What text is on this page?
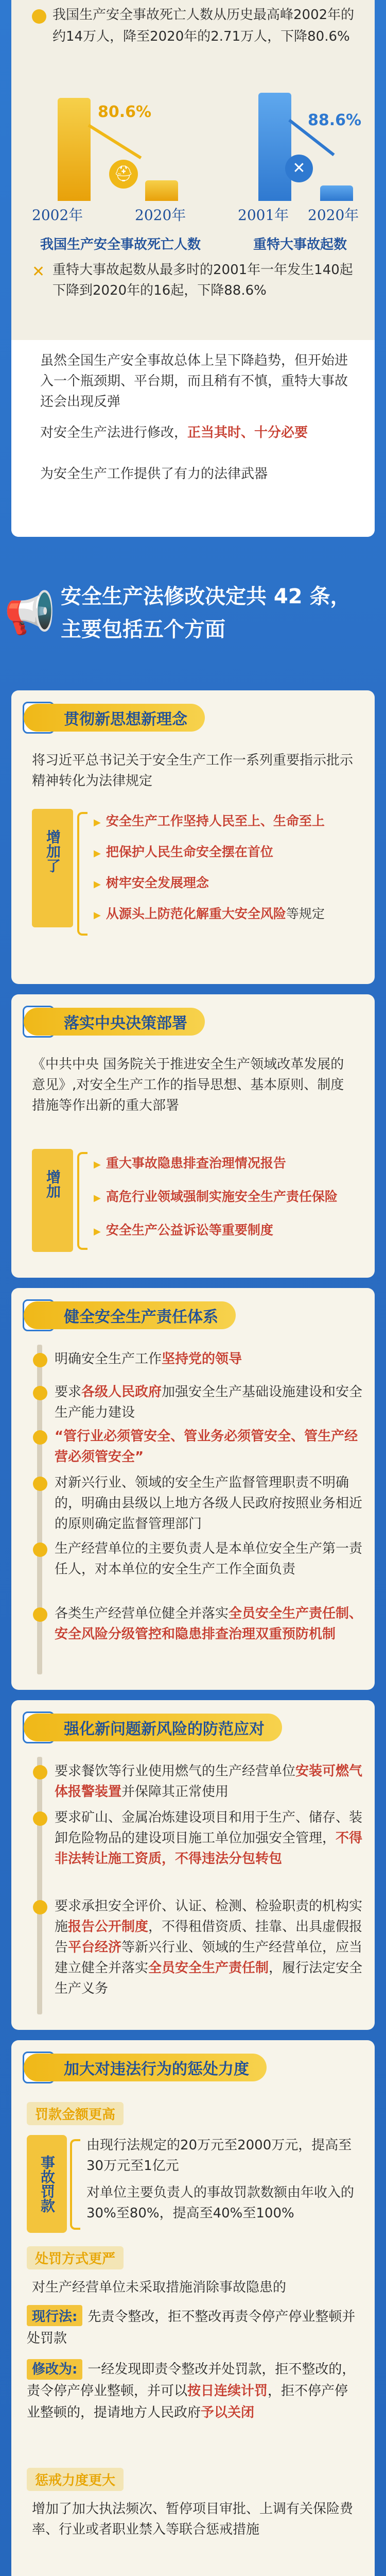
我国生产安全事故死亡人数从历史最高峰2002年的约14万人，降至2020年的2.71万人，下降80.6%
80.6%
⛑
2002年	2020年
我国生产安全事故死亡人数
88.6%
✕
2001年 2020年
重特大事故起数
✕ 重特大事故起数从最多时的2001年一年发生140起下降到2020年的16起，下降88.6%
虽然全国生产安全事故总体上呈下降趋势，但开始进入一个瓶颈期、平台期，而且稍有不慎，重特大事故还会出现反弹
对安全生产法进行修改，正当其时、十分必要
为安全生产工作提供了有力的法律武器
📢 安全生产法修改决定共 42 条，
主要包括五个方面
贯彻新思想新理念
将习近平总书记关于安全生产工作一系列重要指示批示精神转化为法律规定
增加了
▶ 安全生产工作坚持人民至上、生命至上
▶ 把保护人民生命安全摆在首位
▶ 树牢安全发展理念
▶ 从源头上防范化解重大安全风险等规定
落实中央决策部署
《中共中央 国务院关于推进安全生产领域改革发展的意见》,对安全生产工作的指导思想、基本原则、制度措施等作出新的重大部署
增加
▶ 重大事故隐患排查治理情况报告
▶ 高危行业领域强制实施安全生产责任保险
▶ 安全生产公益诉讼等重要制度
健全安全生产责任体系
明确安全生产工作坚持党的领导
要求各级人民政府加强安全生产基础设施建设和安全生产能力建设
“管行业必须管安全、管业务必须管安全、管生产经营必须管安全”
对新兴行业、领域的安全生产监督管理职责不明确的，明确由县级以上地方各级人民政府按照业务相近的原则确定监督管理部门
生产经营单位的主要负责人是本单位安全生产第一责任人，对本单位的安全生产工作全面负责
各类生产经营单位健全并落实全员安全生产责任制、安全风险分级管控和隐患排查治理双重预防机制
强化新问题新风险的防范应对
要求餐饮等行业使用燃气的生产经营单位安装可燃气体报警装置并保障其正常使用
要求矿山、金属冶炼建设项目和用于生产、储存、装卸危险物品的建设项目施工单位加强安全管理，不得非法转让施工资质，不得违法分包转包
要求承担安全评价、认证、检测、检验职责的机构实施报告公开制度，不得租借资质、挂靠、出具虚假报告平台经济等新兴行业、领域的生产经营单位，应当建立健全并落实全员安全生产责任制，履行法定安全生产义务
加大对违法行为的惩处力度
罚款金额更高
事故罚款
由现行法规定的20万元至2000万元，提高至30万元至1亿元
对单位主要负责人的事故罚款数额由年收入的30%至80%，提高至40%至100%
处罚方式更严
对生产经营单位未采取措施消除事故隐患的
现行法: 先责令整改，拒不整改再责令停产停业整顿并处罚款
修改为: 一经发现即责令整改并处罚款，拒不整改的，责令停产停业整顿，并可以按日连续计罚，拒不停产停业整顿的，提请地方人民政府予以关闭
惩戒力度更大
增加了加大执法频次、暂停项目审批、上调有关保险费率、行业或者职业禁入等联合惩戒措施
